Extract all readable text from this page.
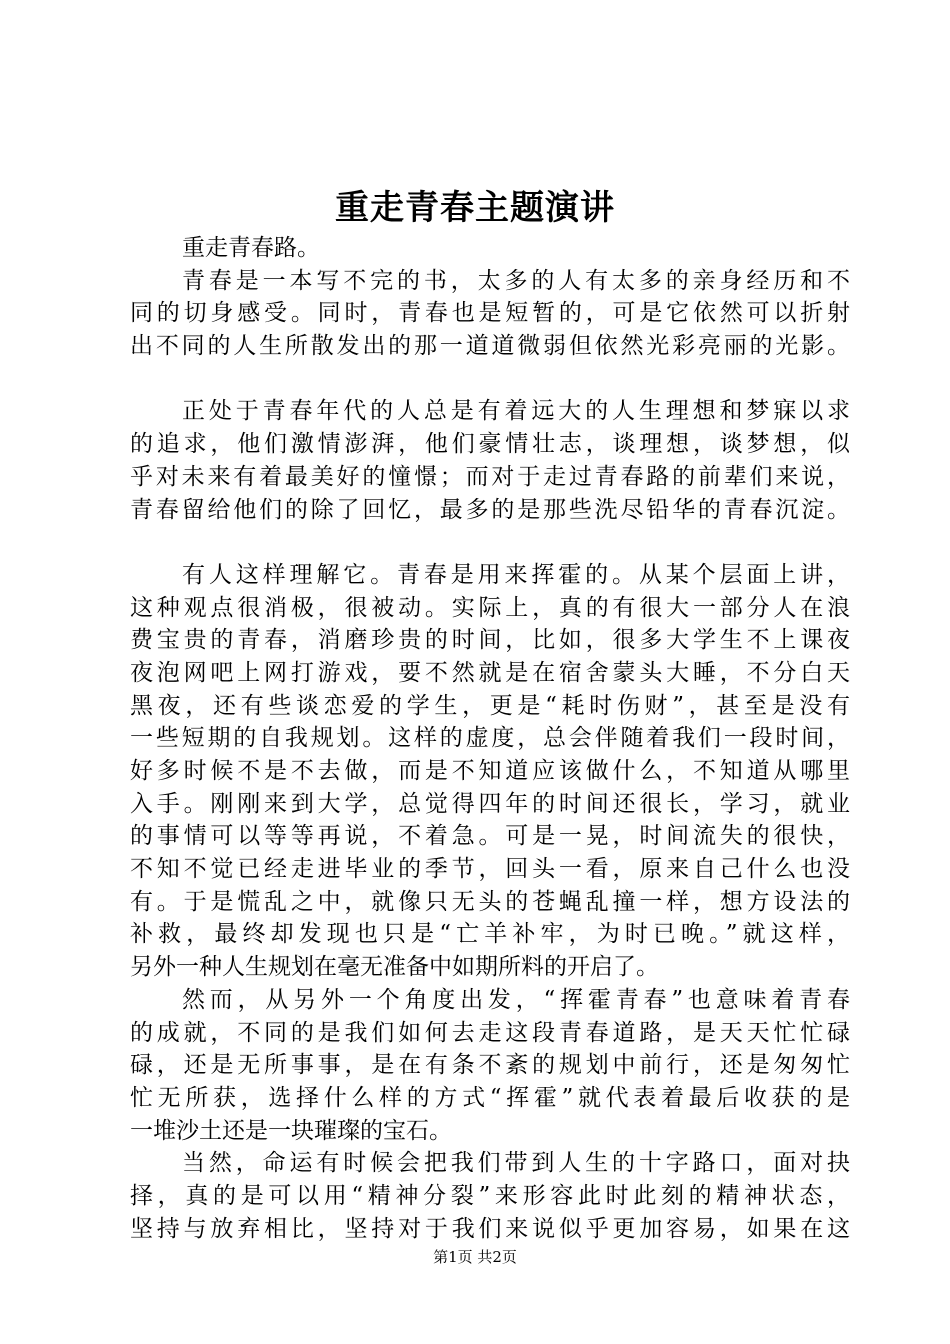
重走青春主题演讲
重走青春路。
青春是一本写不完的书，太多的人有太多的亲身经历和不
同的切身感受。同时，青春也是短暂的，可是它依然可以折射
出不同的人生所散发出的那一道道微弱但依然光彩亮丽的光影。
正处于青春年代的人总是有着远大的人生理想和梦寐以求
的追求，他们激情澎湃，他们豪情壮志，谈理想，谈梦想，似
乎对未来有着最美好的憧憬；而对于走过青春路的前辈们来说，
青春留给他们的除了回忆，最多的是那些洗尽铅华的青春沉淀。
有人这样理解它。青春是用来挥霍的。从某个层面上讲，
这种观点很消极，很被动。实际上，真的有很大一部分人在浪
费宝贵的青春，消磨珍贵的时间，比如，很多大学生不上课夜
夜泡网吧上网打游戏，要不然就是在宿舍蒙头大睡，不分白天
黑夜，还有些谈恋爱的学生，更是“耗时伤财”，甚至是没有
一些短期的自我规划。这样的虚度，总会伴随着我们一段时间，
好多时候不是不去做，而是不知道应该做什么，不知道从哪里
入手。刚刚来到大学，总觉得四年的时间还很长，学习，就业
的事情可以等等再说，不着急。可是一晃，时间流失的很快，
不知不觉已经走进毕业的季节，回头一看，原来自己什么也没
有。于是慌乱之中，就像只无头的苍蝇乱撞一样，想方设法的
补救，最终却发现也只是“亡羊补牢，为时已晚。”就这样，
另外一种人生规划在毫无准备中如期所料的开启了。
然而，从另外一个角度出发，“挥霍青春”也意味着青春
的成就，不同的是我们如何去走这段青春道路，是天天忙忙碌
碌，还是无所事事，是在有条不紊的规划中前行，还是匆匆忙
忙无所获，选择什么样的方式“挥霍”就代表着最后收获的是
一堆沙土还是一块璀璨的宝石。
当然，命运有时候会把我们带到人生的十字路口，面对抉
择，真的是可以用“精神分裂”来形容此时此刻的精神状态，
坚持与放弃相比，坚持对于我们来说似乎更加容易，如果在这
第1页 共2页
